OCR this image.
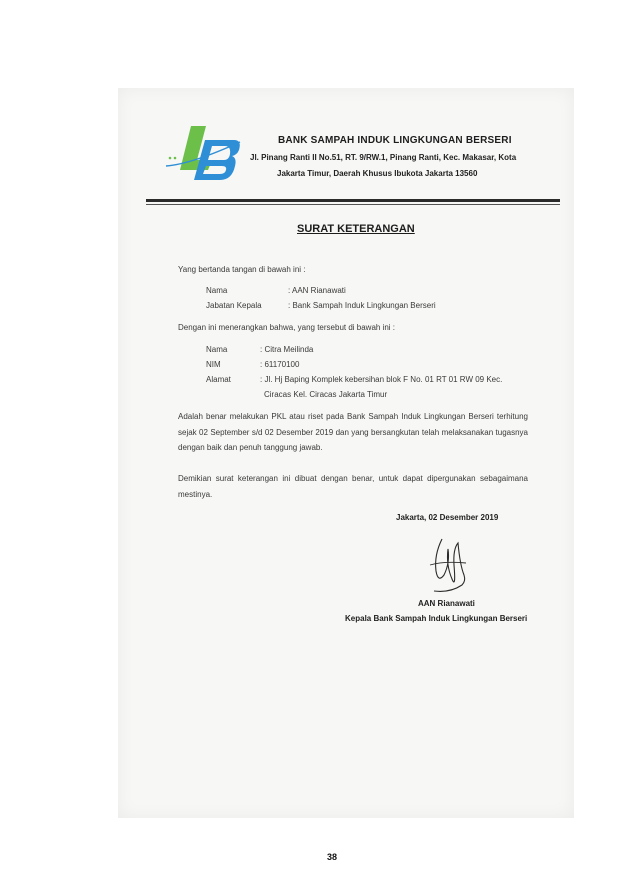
BANK SAMPAH INDUK LINGKUNGAN BERSERI
Jl. Pinang Ranti II No.51, RT. 9/RW.1, Pinang Ranti, Kec. Makasar, Kota
Jakarta Timur, Daerah Khusus Ibukota Jakarta 13560
SURAT KETERANGAN
Yang bertanda tangan di bawah ini :
Nama	: AAN Rianawati
Jabatan Kepala	: Bank Sampah Induk Lingkungan Berseri
Dengan ini menerangkan bahwa, yang tersebut di bawah ini :
Nama	: Citra Meilinda
NIM	: 61170100
Alamat	: Jl. Hj Baping Komplek kebersihan blok F No. 01 RT 01 RW 09 Kec.
Ciracas Kel. Ciracas Jakarta Timur
Adalah benar melakukan PKL atau riset pada Bank Sampah Induk Lingkungan Berseri terhitung sejak 02 September s/d 02 Desember 2019 dan yang bersangkutan telah melaksanakan tugasnya dengan baik dan penuh tanggung jawab.
Demikian surat keterangan ini dibuat dengan benar, untuk dapat dipergunakan sebagaimana mestinya.
Jakarta, 02 Desember 2019
AAN Rianawati
Kepala Bank Sampah Induk Lingkungan Berseri
38
